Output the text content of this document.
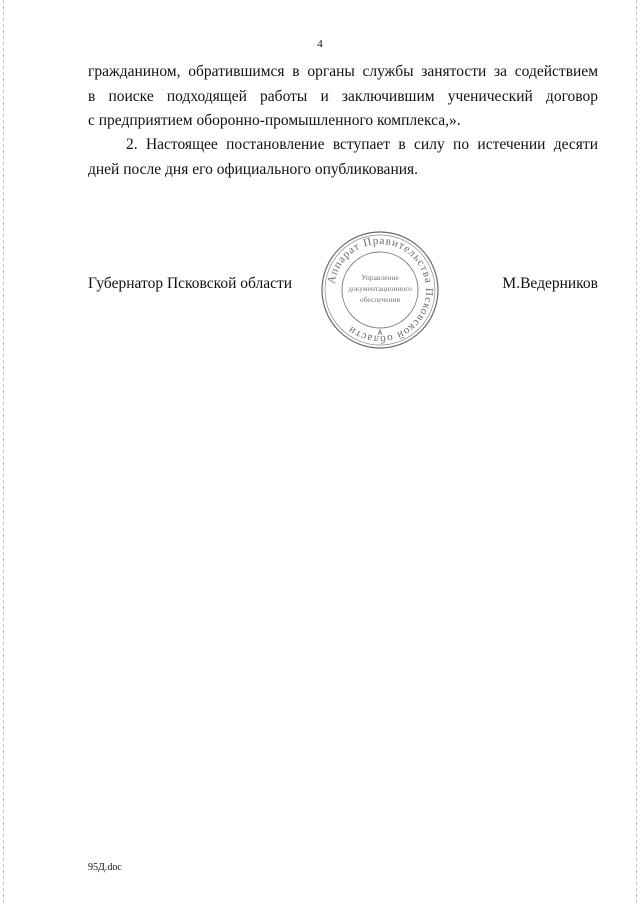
4
гражданином, обратившимся в органы службы занятости за содействием
в поиске подходящей работы и заключившим ученический договор
с предприятием оборонно-промышленного комплекса,».
2. Настоящее постановление вступает в силу по истечении десяти
дней после дня его официального опубликования.
Губернатор Псковской области	М.Ведерников
Аппарат Правительства Псковской области
Управление
документационного
обеспечения
95Д.doc
